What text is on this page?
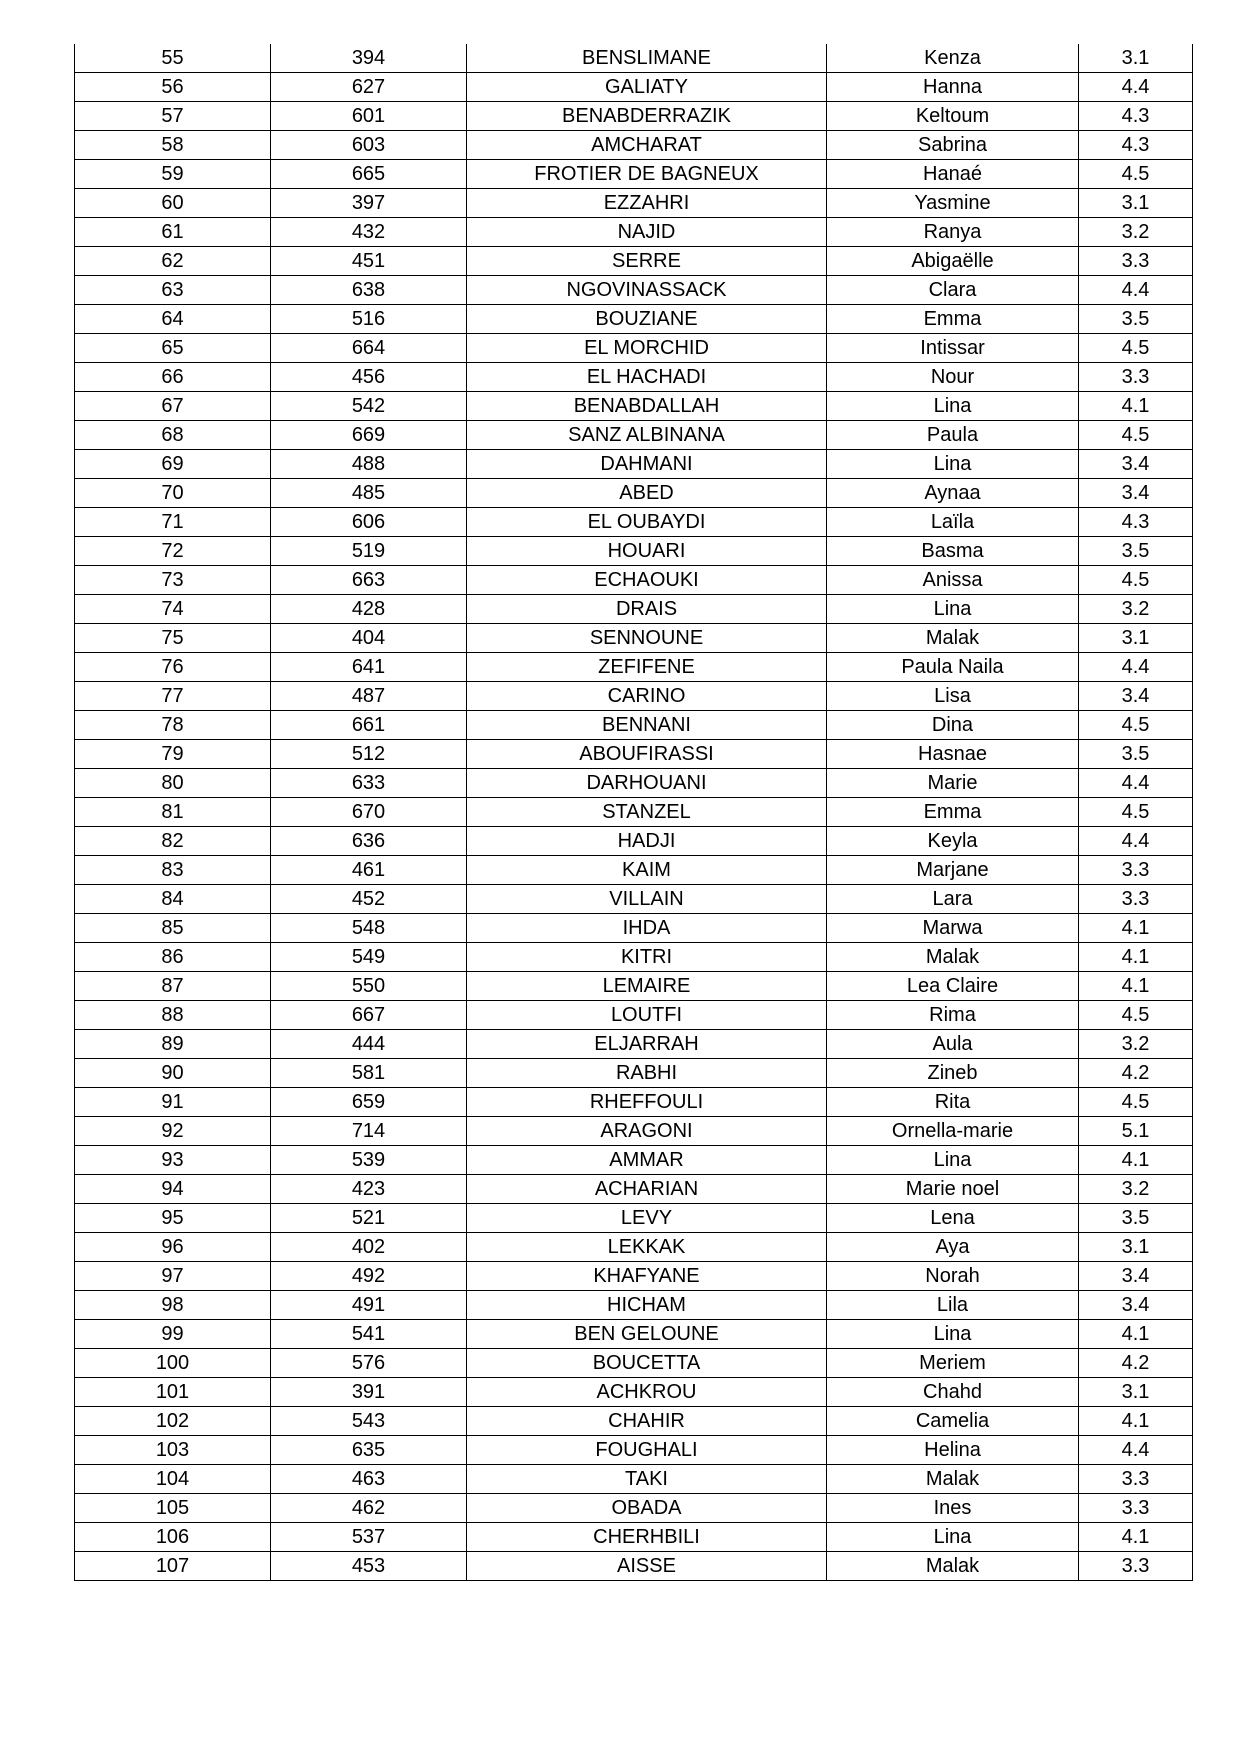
55	394	BENSLIMANE	Kenza	3.1
56	627	GALIATY	Hanna	4.4
57	601	BENABDERRAZIK	Keltoum	4.3
58	603	AMCHARAT	Sabrina	4.3
59	665	FROTIER DE BAGNEUX	Hanaé	4.5
60	397	EZZAHRI	Yasmine	3.1
61	432	NAJID	Ranya	3.2
62	451	SERRE	Abigaëlle	3.3
63	638	NGOVINASSACK	Clara	4.4
64	516	BOUZIANE	Emma	3.5
65	664	EL MORCHID	Intissar	4.5
66	456	EL HACHADI	Nour	3.3
67	542	BENABDALLAH	Lina	4.1
68	669	SANZ ALBINANA	Paula	4.5
69	488	DAHMANI	Lina	3.4
70	485	ABED	Aynaa	3.4
71	606	EL OUBAYDI	Laïla	4.3
72	519	HOUARI	Basma	3.5
73	663	ECHAOUKI	Anissa	4.5
74	428	DRAIS	Lina	3.2
75	404	SENNOUNE	Malak	3.1
76	641	ZEFIFENE	Paula Naila	4.4
77	487	CARINO	Lisa	3.4
78	661	BENNANI	Dina	4.5
79	512	ABOUFIRASSI	Hasnae	3.5
80	633	DARHOUANI	Marie	4.4
81	670	STANZEL	Emma	4.5
82	636	HADJI	Keyla	4.4
83	461	KAIM	Marjane	3.3
84	452	VILLAIN	Lara	3.3
85	548	IHDA	Marwa	4.1
86	549	KITRI	Malak	4.1
87	550	LEMAIRE	Lea Claire	4.1
88	667	LOUTFI	Rima	4.5
89	444	ELJARRAH	Aula	3.2
90	581	RABHI	Zineb	4.2
91	659	RHEFFOULI	Rita	4.5
92	714	ARAGONI	Ornella-marie	5.1
93	539	AMMAR	Lina	4.1
94	423	ACHARIAN	Marie noel	3.2
95	521	LEVY	Lena	3.5
96	402	LEKKAK	Aya	3.1
97	492	KHAFYANE	Norah	3.4
98	491	HICHAM	Lila	3.4
99	541	BEN GELOUNE	Lina	4.1
100	576	BOUCETTA	Meriem	4.2
101	391	ACHKROU	Chahd	3.1
102	543	CHAHIR	Camelia	4.1
103	635	FOUGHALI	Helina	4.4
104	463	TAKI	Malak	3.3
105	462	OBADA	Ines	3.3
106	537	CHERHBILI	Lina	4.1
107	453	AISSE	Malak	3.3
